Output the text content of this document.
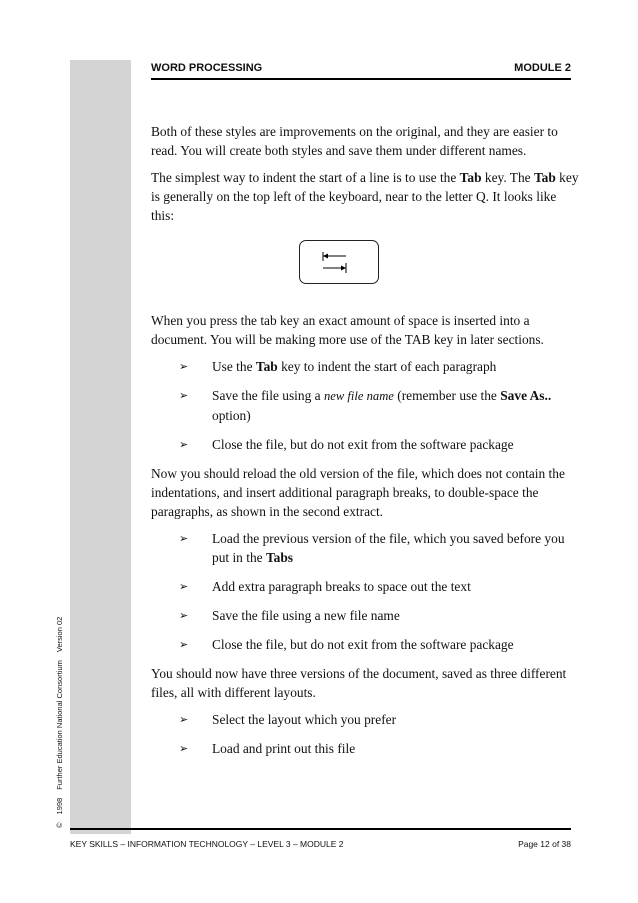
WORD PROCESSING	MODULE 2

Both of these styles are improvements on the original, and they are easier to read. You will create both styles and save them under different names.

The simplest way to indent the start of a line is to use the Tab key. The Tab key is generally on the top left of the keyboard, near to the letter Q. It looks like this:

When you press the tab key an exact amount of space is inserted into a document. You will be making more use of the TAB key in later sections.

➢ Use the Tab key to indent the start of each paragraph
➢ Save the file using a new file name (remember use the Save As.. option)
➢ Close the file, but do not exit from the software package

Now you should reload the old version of the file, which does not contain the indentations, and insert additional paragraph breaks, to double-space the paragraphs, as shown in the second extract.

➢ Load the previous version of the file, which you saved before you put in the Tabs
➢ Add extra paragraph breaks to space out the text
➢ Save the file using a new file name
➢ Close the file, but do not exit from the software package

You should now have three versions of the document, saved as three different files, all with different layouts.

➢ Select the layout which you prefer
➢ Load and print out this file
©1998Further Education National ConsortiumVersion 02
KEY SKILLS – INFORMATION TECHNOLOGY – LEVEL 3 – MODULE 2	Page 12 of 38
